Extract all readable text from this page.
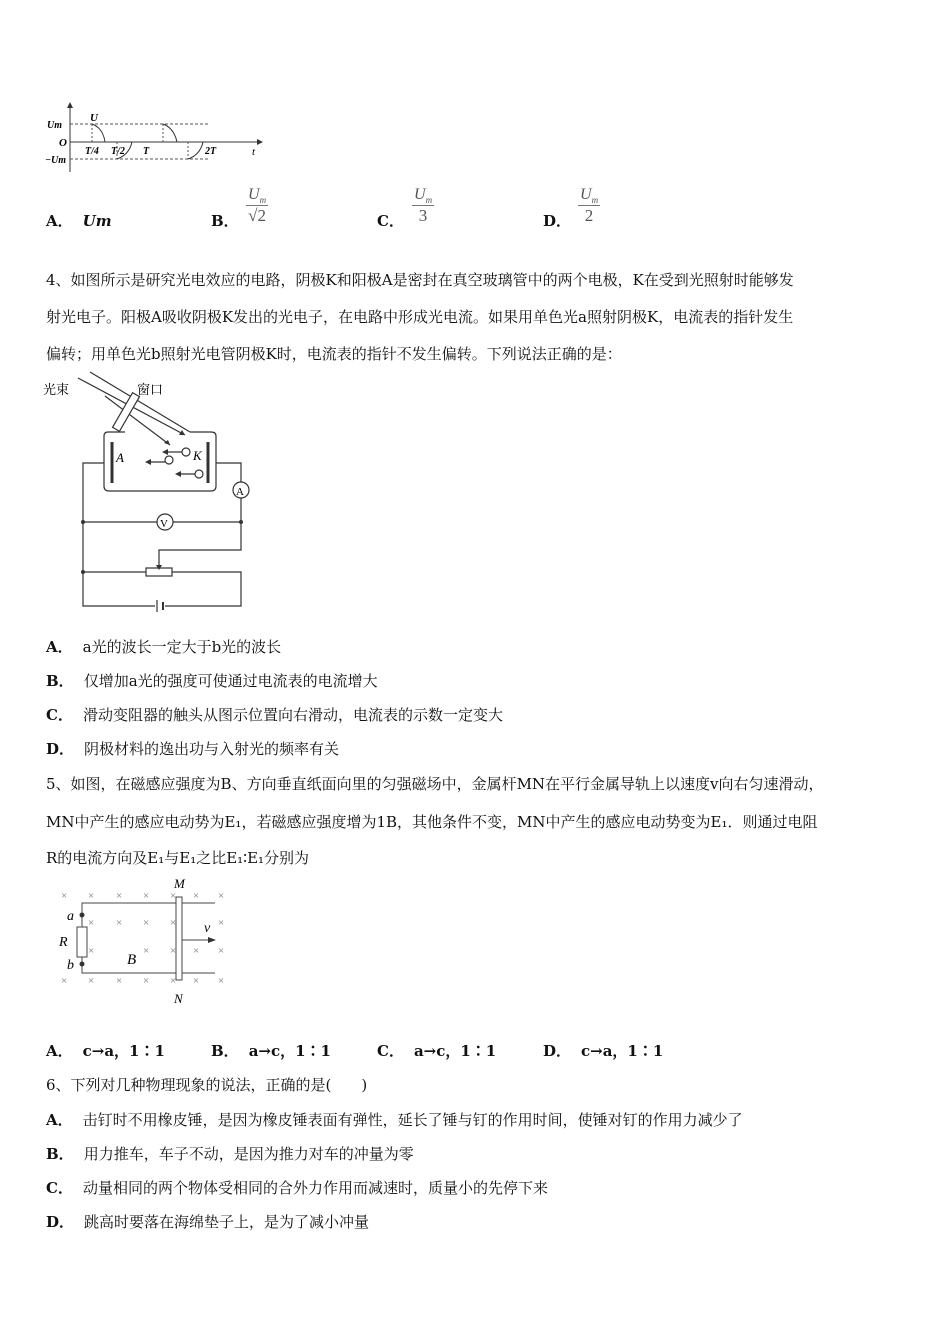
Um
O
−Um
U
T/4 T/2 T	2T	t
A． Um	B． $\frac{U_m}{√2}$	C． $\frac{U_m}{3}$	D． $\frac{U_m}{2}$
4、如图所示是研究光电效应的电路，阴极K和阳极A是密封在真空玻璃管中的两个电极，K在受到光照射时能够发
射光电子。阳极A吸收阴极K发出的光电子，在电路中形成光电流。如果用单色光a照射阴极K，电流表的指针发生
偏转；用单色光b照射光电管阴极K时，电流表的指针不发生偏转。下列说法正确的是：
光束	窗口
A	K
A
V
A． a光的波长一定大于b光的波长
B． 仅增加a光的强度可使通过电流表的电流增大
C． 滑动变阻器的触头从图示位置向右滑动，电流表的示数一定变大
D． 阴极材料的逸出功与入射光的频率有关
5、如图，在磁感应强度为B、方向垂直纸面向里的匀强磁场中，金属杆MN在平行金属导轨上以速度v向右匀速滑动，
MN中产生的感应电动势为E₁，若磁感应强度增为1B，其他条件不变，MN中产生的感应电动势变为E₁．则通过电阻
R的电流方向及E₁与E₁之比E₁∶E₁分别为
× × × × × × ×
× × × ×	×
×	× × × ×
× × × × × × ×
M
N
a
R
b	B
v
A． c→a，1∶1	B． a→c，1∶1	C． a→c，1∶1	D． c→a，1∶1
6、下列对几种物理现象的说法，正确的是(　　)
A． 击钉时不用橡皮锤，是因为橡皮锤表面有弹性，延长了锤与钉的作用时间，使锤对钉的作用力减少了
B． 用力推车，车子不动，是因为推力对车的冲量为零
C． 动量相同的两个物体受相同的合外力作用而减速时，质量小的先停下来
D． 跳高时要落在海绵垫子上，是为了减小冲量
